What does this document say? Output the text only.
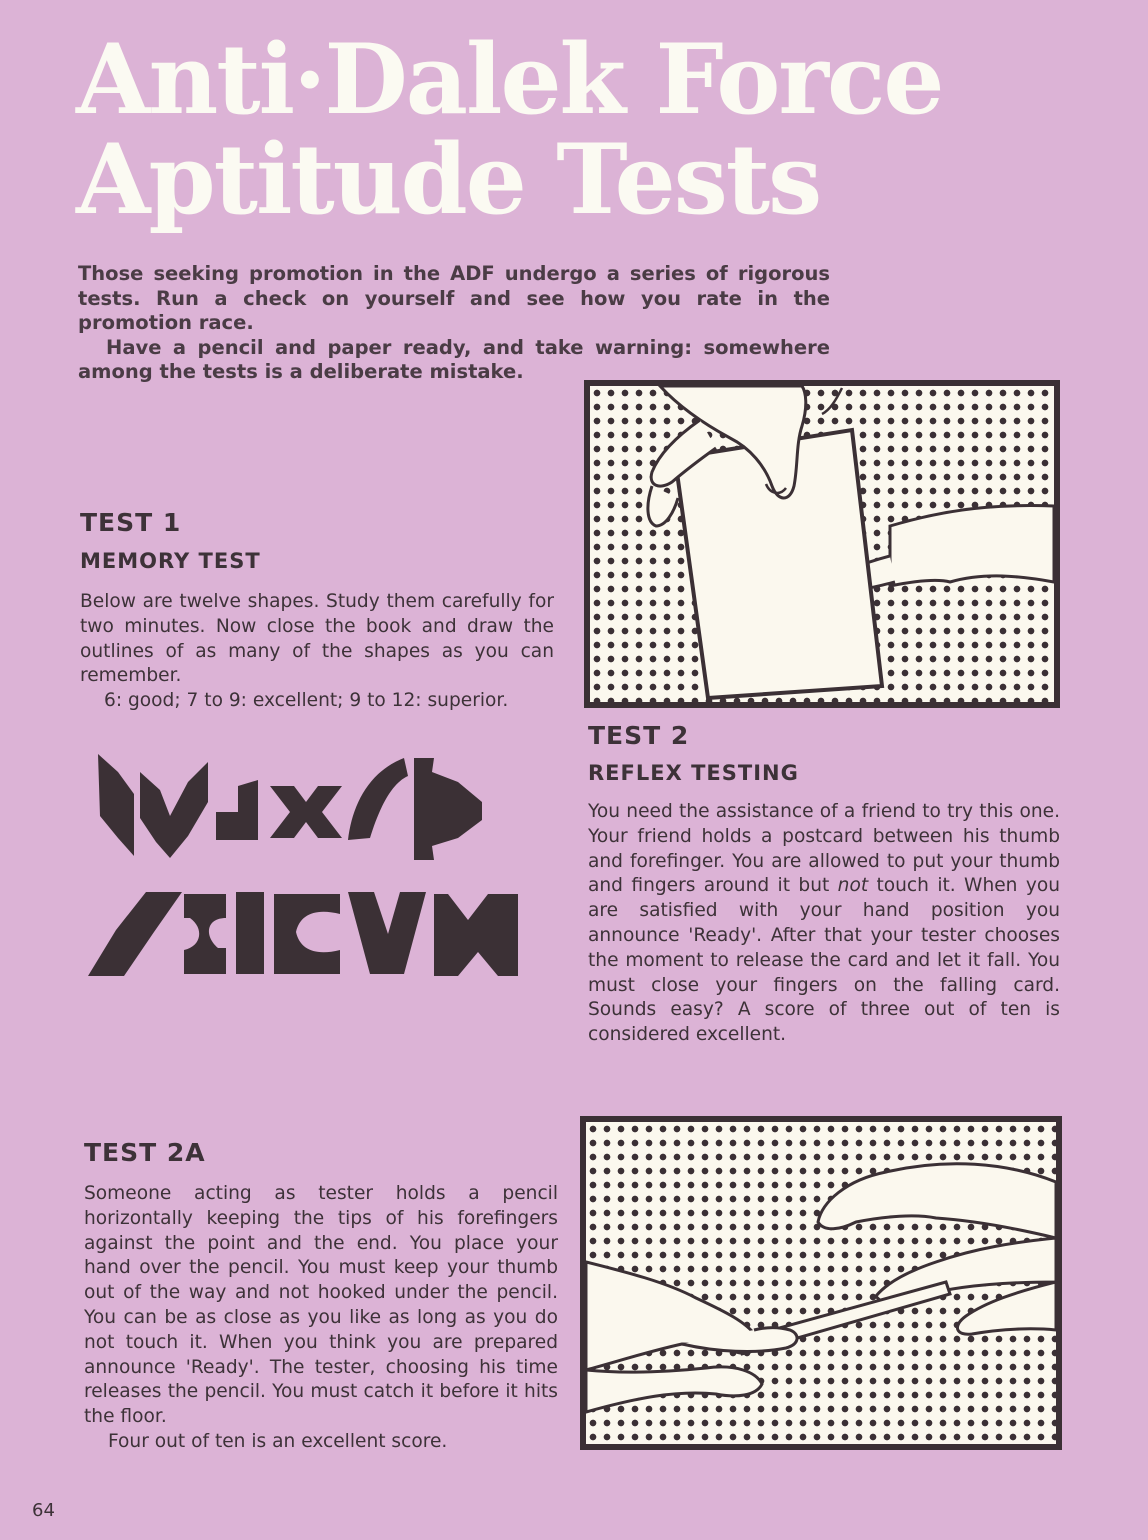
Anti·Dalek Force
Aptitude Tests

Those seeking promotion in the ADF undergo a series of rigorous tests. Run a check on yourself and see how you rate in the promotion race.

Have a pencil and paper ready, and take warning: somewhere among the tests is a deliberate mistake.

TEST 1
MEMORY TEST

Below are twelve shapes. Study them carefully for two minutes. Now close the book and draw the outlines of as many of the shapes as you can remember.

6: good; 7 to 9: excellent; 9 to 12: superior.

TEST 2
REFLEX TESTING

You need the assistance of a friend to try this one. Your friend holds a postcard between his thumb and forefinger. You are allowed to put your thumb and fingers around it but not touch it. When you are satisfied with your hand position you announce 'Ready'. After that your tester chooses the moment to release the card and let it fall. You must close your fingers on the falling card. Sounds easy? A score of three out of ten is considered excellent.

TEST 2A

Someone acting as tester holds a pencil horizontally keeping the tips of his forefingers against the point and the end. You place your hand over the pencil. You must keep your thumb out of the way and not hooked under the pencil. You can be as close as you like as long as you do not touch it. When you think you are prepared announce 'Ready'. The tester, choosing his time releases the pencil. You must catch it before it hits the floor.

Four out of ten is an excellent score.

64
